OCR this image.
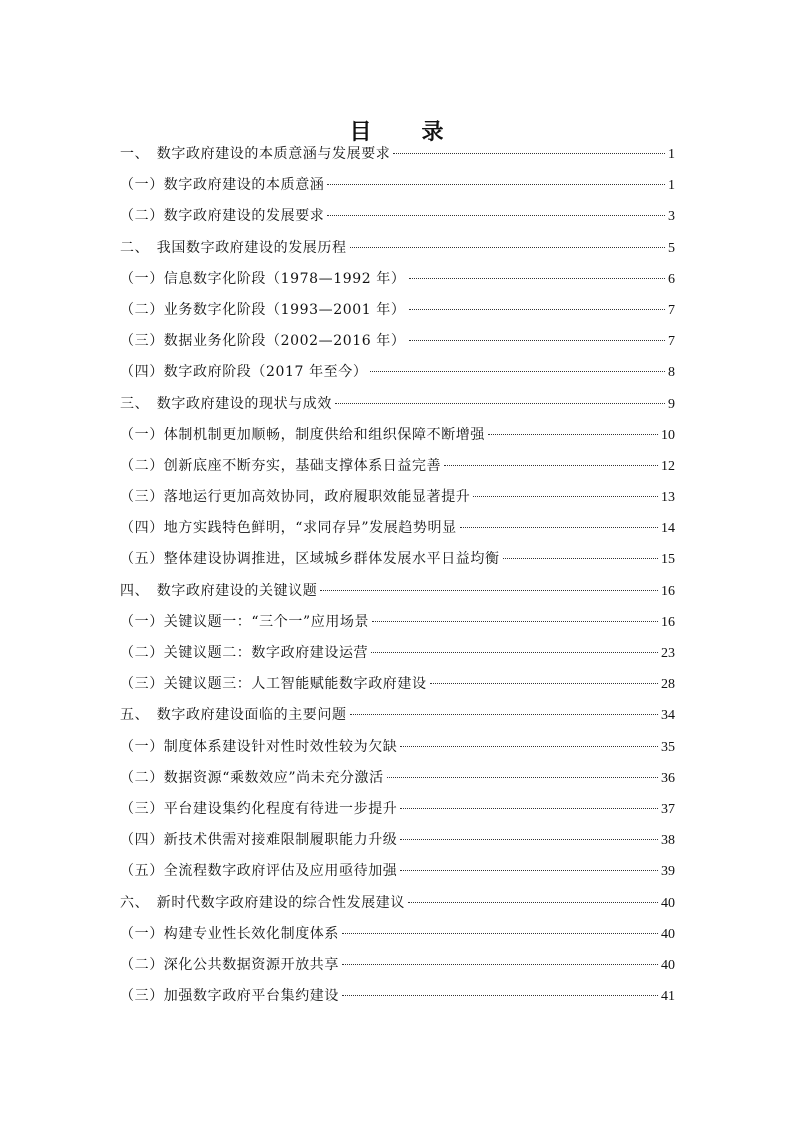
目　录
一、　数字政府建设的本质意涵与发展要求	1
（一）数字政府建设的本质意涵	1
（二）数字政府建设的发展要求	3
二、　我国数字政府建设的发展历程	5
（一）信息数字化阶段（1978—1992 年）	6
（二）业务数字化阶段（1993—2001 年）	7
（三）数据业务化阶段（2002—2016 年）	7
（四）数字政府阶段（2017 年至今）	8
三、　数字政府建设的现状与成效	9
（一）体制机制更加顺畅，制度供给和组织保障不断增强	10
（二）创新底座不断夯实，基础支撑体系日益完善	12
（三）落地运行更加高效协同，政府履职效能显著提升	13
（四）地方实践特色鲜明，“求同存异”发展趋势明显	14
（五）整体建设协调推进，区域城乡群体发展水平日益均衡	15
四、　数字政府建设的关键议题	16
（一）关键议题一：“三个一”应用场景	16
（二）关键议题二：数字政府建设运营	23
（三）关键议题三：人工智能赋能数字政府建设	28
五、　数字政府建设面临的主要问题	34
（一）制度体系建设针对性时效性较为欠缺	35
（二）数据资源“乘数效应”尚未充分激活	36
（三）平台建设集约化程度有待进一步提升	37
（四）新技术供需对接难限制履职能力升级	38
（五）全流程数字政府评估及应用亟待加强	39
六、　新时代数字政府建设的综合性发展建议	40
（一）构建专业性长效化制度体系	40
（二）深化公共数据资源开放共享	40
（三）加强数字政府平台集约建设	41
